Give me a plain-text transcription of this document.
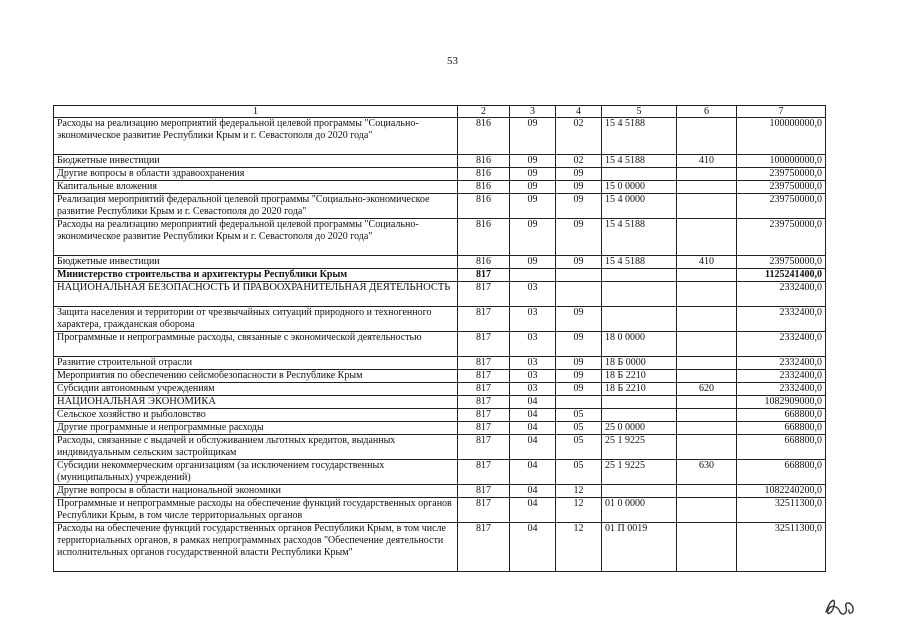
53
1	2	3	4	5	6	7
Расходы на реализацию мероприятий федеральной целевой программы "Социально-экономическое развитие Республики Крым и г. Севастополя до 2020 года"	816	09	02	15 4 5188		100000000,0
Бюджетные инвестиции	816	09	02	15 4 5188	410	100000000,0
Другие вопросы в области здравоохранения	816	09	09			239750000,0
Капитальные вложения	816	09	09	15 0 0000		239750000,0
Реализация мероприятий федеральной целевой программы "Социально-экономическое развитие Республики Крым и г. Севастополя до 2020 года"	816	09	09	15 4 0000		239750000,0
Расходы на реализацию мероприятий федеральной целевой программы "Социально-экономическое развитие Республики Крым и г. Севастополя до 2020 года"	816	09	09	15 4 5188		239750000,0
Бюджетные инвестиции	816	09	09	15 4 5188	410	239750000,0
Министерство строительства и архитектуры Республики Крым	817					1125241400,0
НАЦИОНАЛЬНАЯ БЕЗОПАСНОСТЬ И ПРАВООХРАНИТЕЛЬНАЯ ДЕЯТЕЛЬНОСТЬ	817	03				2332400,0
Защита населения и территории от чрезвычайных ситуаций природного и техногенного характера, гражданская оборона	817	03	09			2332400,0
Программные и непрограммные расходы, связанные с экономической деятельностью	817	03	09	18 0 0000		2332400,0
Развитие строительной отрасли	817	03	09	18 Б 0000		2332400,0
Мероприятия по обеспечению сейсмобезопасности в Республике Крым	817	03	09	18 Б 2210		2332400,0
Субсидии автономным учреждениям	817	03	09	18 Б 2210	620	2332400,0
НАЦИОНАЛЬНАЯ ЭКОНОМИКА	817	04				1082909000,0
Сельское хозяйство и рыболовство	817	04	05			668800,0
Другие программные и непрограммные расходы	817	04	05	25 0 0000		668800,0
Расходы, связанные с выдачей и обслуживанием льготных кредитов, выданных индивидуальным сельским застройщикам	817	04	05	25 1 9225		668800,0
Субсидии некоммерческим организациям (за исключением государственных (муниципальных) учреждений)	817	04	05	25 1 9225	630	668800,0
Другие вопросы в области национальной экономики	817	04	12			1082240200,0
Программные и непрограммные расходы на обеспечение функций государственных органов Республики Крым, в том числе территориальных органов	817	04	12	01 0 0000		32511300,0
Расходы на обеспечение функций государственных органов Республики Крым, в том числе территориальных органов, в рамках непрограммных расходов "Обеспечение деятельности исполнительных органов государственной власти Республики Крым"	817	04	12	01 П 0019		32511300,0
